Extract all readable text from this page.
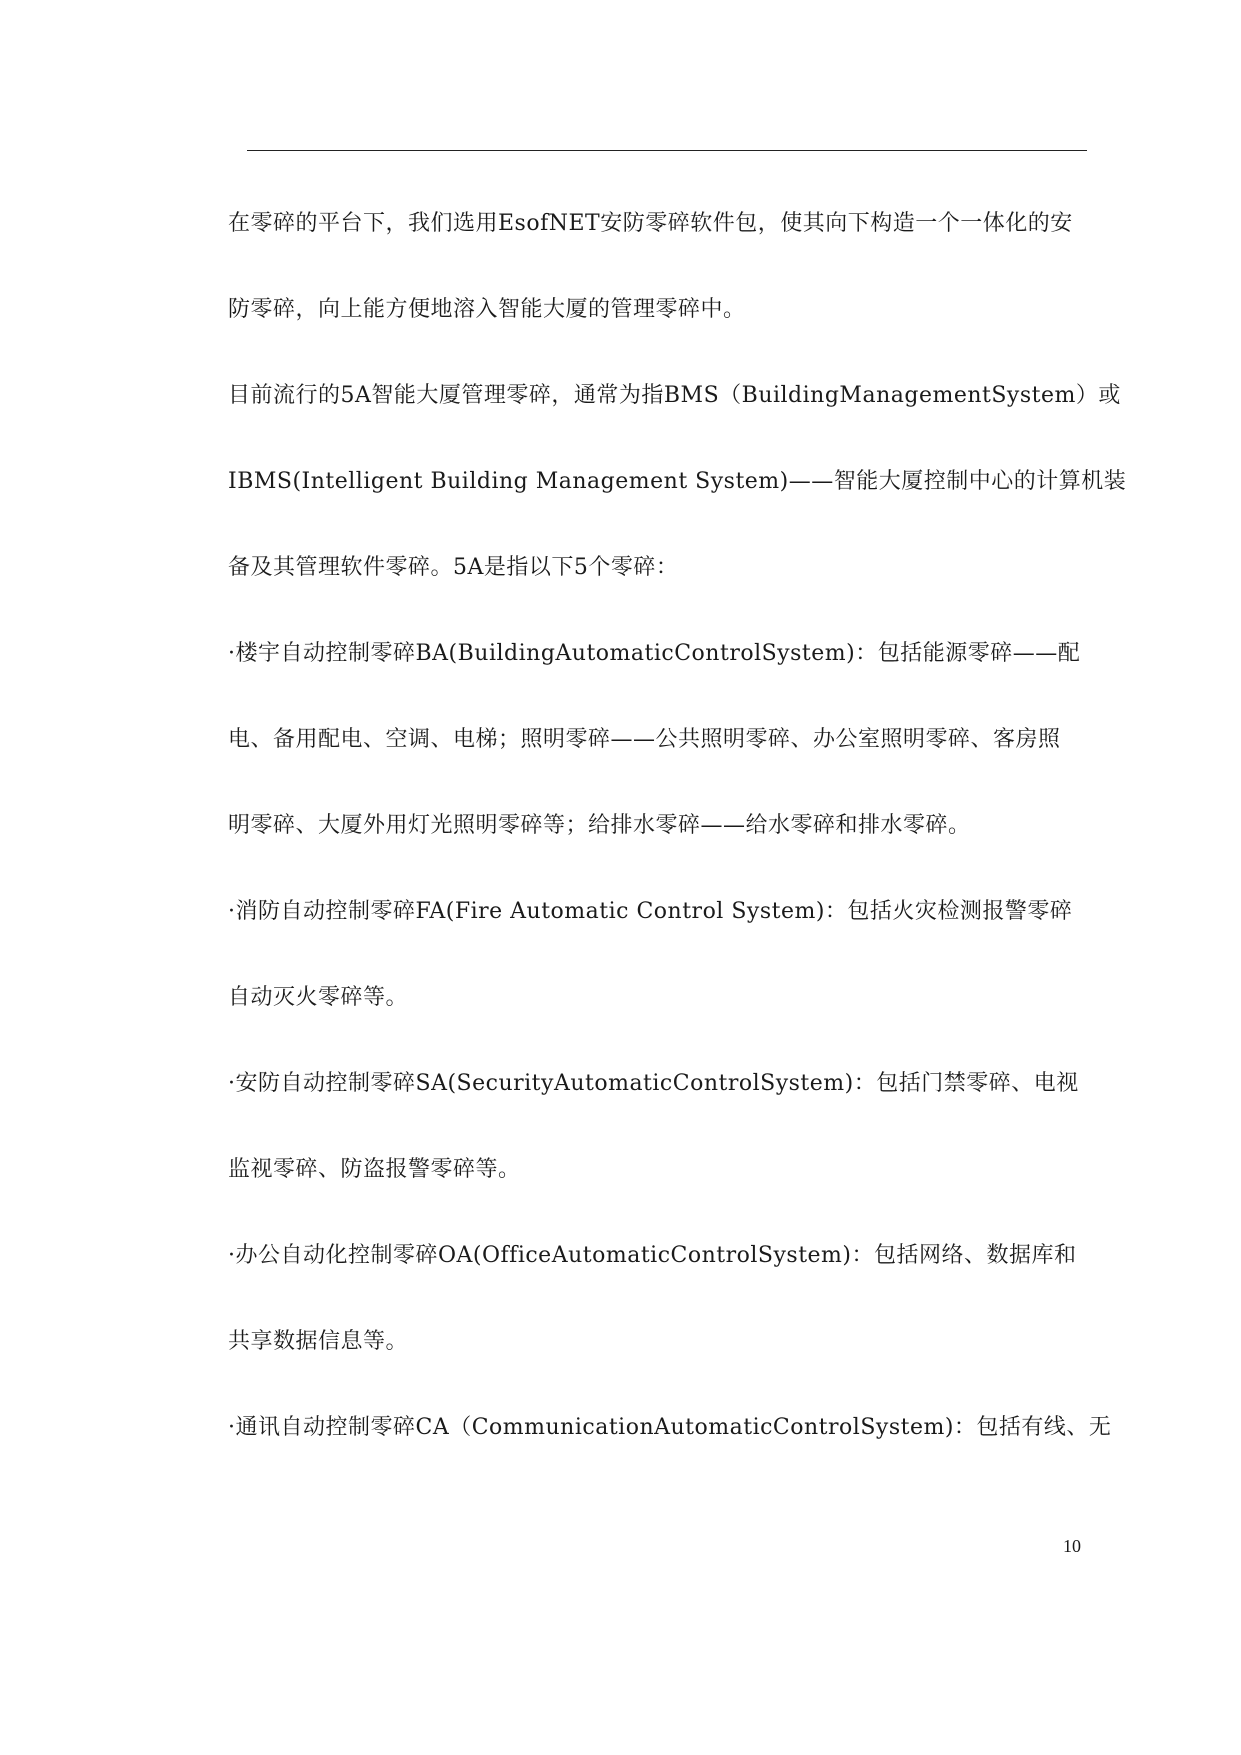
在零碎的平台下，我们选用EsofNET安防零碎软件包，使其向下构造一个一体化的安
防零碎，向上能方便地溶入智能大厦的管理零碎中。
目前流行的5A智能大厦管理零碎，通常为指BMS（BuildingManagementSystem）或
IBMS(Intelligent Building Management System)——智能大厦控制中心的计算机装
备及其管理软件零碎。5A是指以下5个零碎：
·楼宇自动控制零碎BA(BuildingAutomaticControlSystem)：包括能源零碎——配
电、备用配电、空调、电梯；照明零碎——公共照明零碎、办公室照明零碎、客房照
明零碎、大厦外用灯光照明零碎等；给排水零碎——给水零碎和排水零碎。
·消防自动控制零碎FA(Fire Automatic Control System)：包括火灾检测报警零碎
自动灭火零碎等。
·安防自动控制零碎SA(SecurityAutomaticControlSystem)：包括门禁零碎、电视
监视零碎、防盗报警零碎等。
·办公自动化控制零碎OA(OfficeAutomaticControlSystem)：包括网络、数据库和
共享数据信息等。
·通讯自动控制零碎CA（CommunicationAutomaticControlSystem)：包括有线、无
10
